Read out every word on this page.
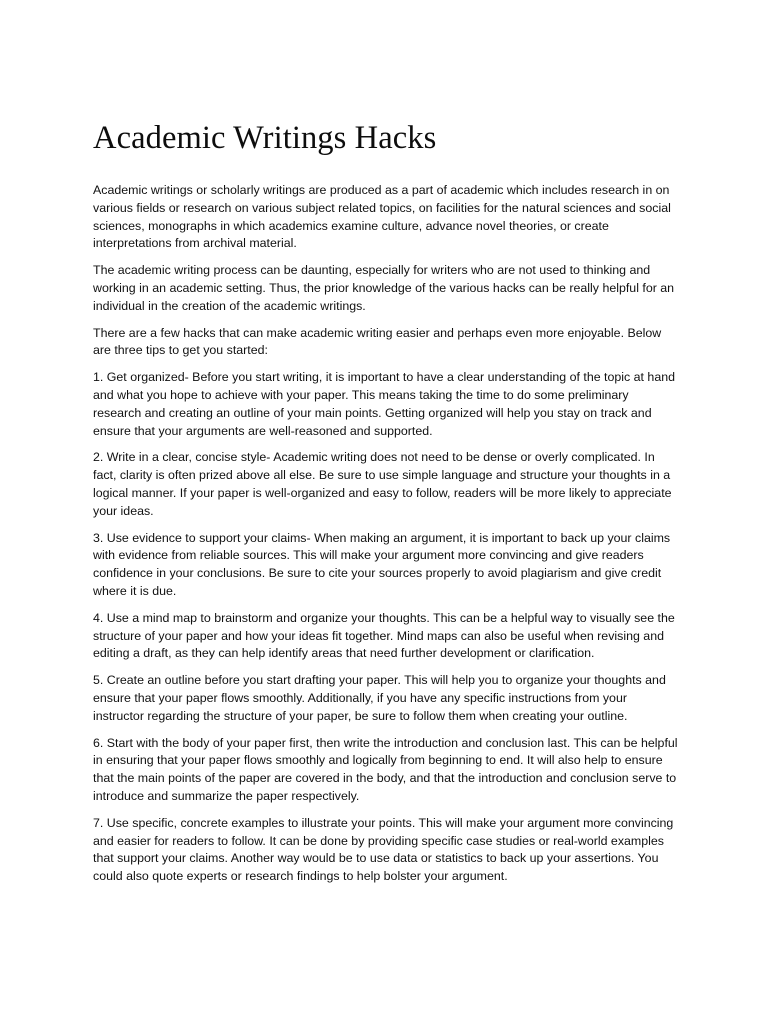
Academic Writings Hacks

Academic writings or scholarly writings are produced as a part of academic which includes research in on various fields or research on various subject related topics, on facilities for the natural sciences and social sciences, monographs in which academics examine culture, advance novel theories, or create interpretations from archival material.

The academic writing process can be daunting, especially for writers who are not used to thinking and working in an academic setting. Thus, the prior knowledge of the various hacks can be really helpful for an individual in the creation of the academic writings.

There are a few hacks that can make academic writing easier and perhaps even more enjoyable. Below are three tips to get you started:

1. Get organized- Before you start writing, it is important to have a clear understanding of the topic at hand and what you hope to achieve with your paper. This means taking the time to do some preliminary research and creating an outline of your main points. Getting organized will help you stay on track and ensure that your arguments are well-reasoned and supported.

2. Write in a clear, concise style- Academic writing does not need to be dense or overly complicated. In fact, clarity is often prized above all else. Be sure to use simple language and structure your thoughts in a logical manner. If your paper is well-organized and easy to follow, readers will be more likely to appreciate your ideas.

3. Use evidence to support your claims- When making an argument, it is important to back up your claims with evidence from reliable sources. This will make your argument more convincing and give readers confidence in your conclusions. Be sure to cite your sources properly to avoid plagiarism and give credit where it is due.

4. Use a mind map to brainstorm and organize your thoughts. This can be a helpful way to visually see the structure of your paper and how your ideas fit together. Mind maps can also be useful when revising and editing a draft, as they can help identify areas that need further development or clarification.

5. Create an outline before you start drafting your paper. This will help you to organize your thoughts and ensure that your paper flows smoothly. Additionally, if you have any specific instructions from your instructor regarding the structure of your paper, be sure to follow them when creating your outline.

6. Start with the body of your paper first, then write the introduction and conclusion last. This can be helpful in ensuring that your paper flows smoothly and logically from beginning to end. It will also help to ensure that the main points of the paper are covered in the body, and that the introduction and conclusion serve to introduce and summarize the paper respectively.

7. Use specific, concrete examples to illustrate your points. This will make your argument more convincing and easier for readers to follow. It can be done by providing specific case studies or real-world examples that support your claims. Another way would be to use data or statistics to back up your assertions. You could also quote experts or research findings to help bolster your argument.
